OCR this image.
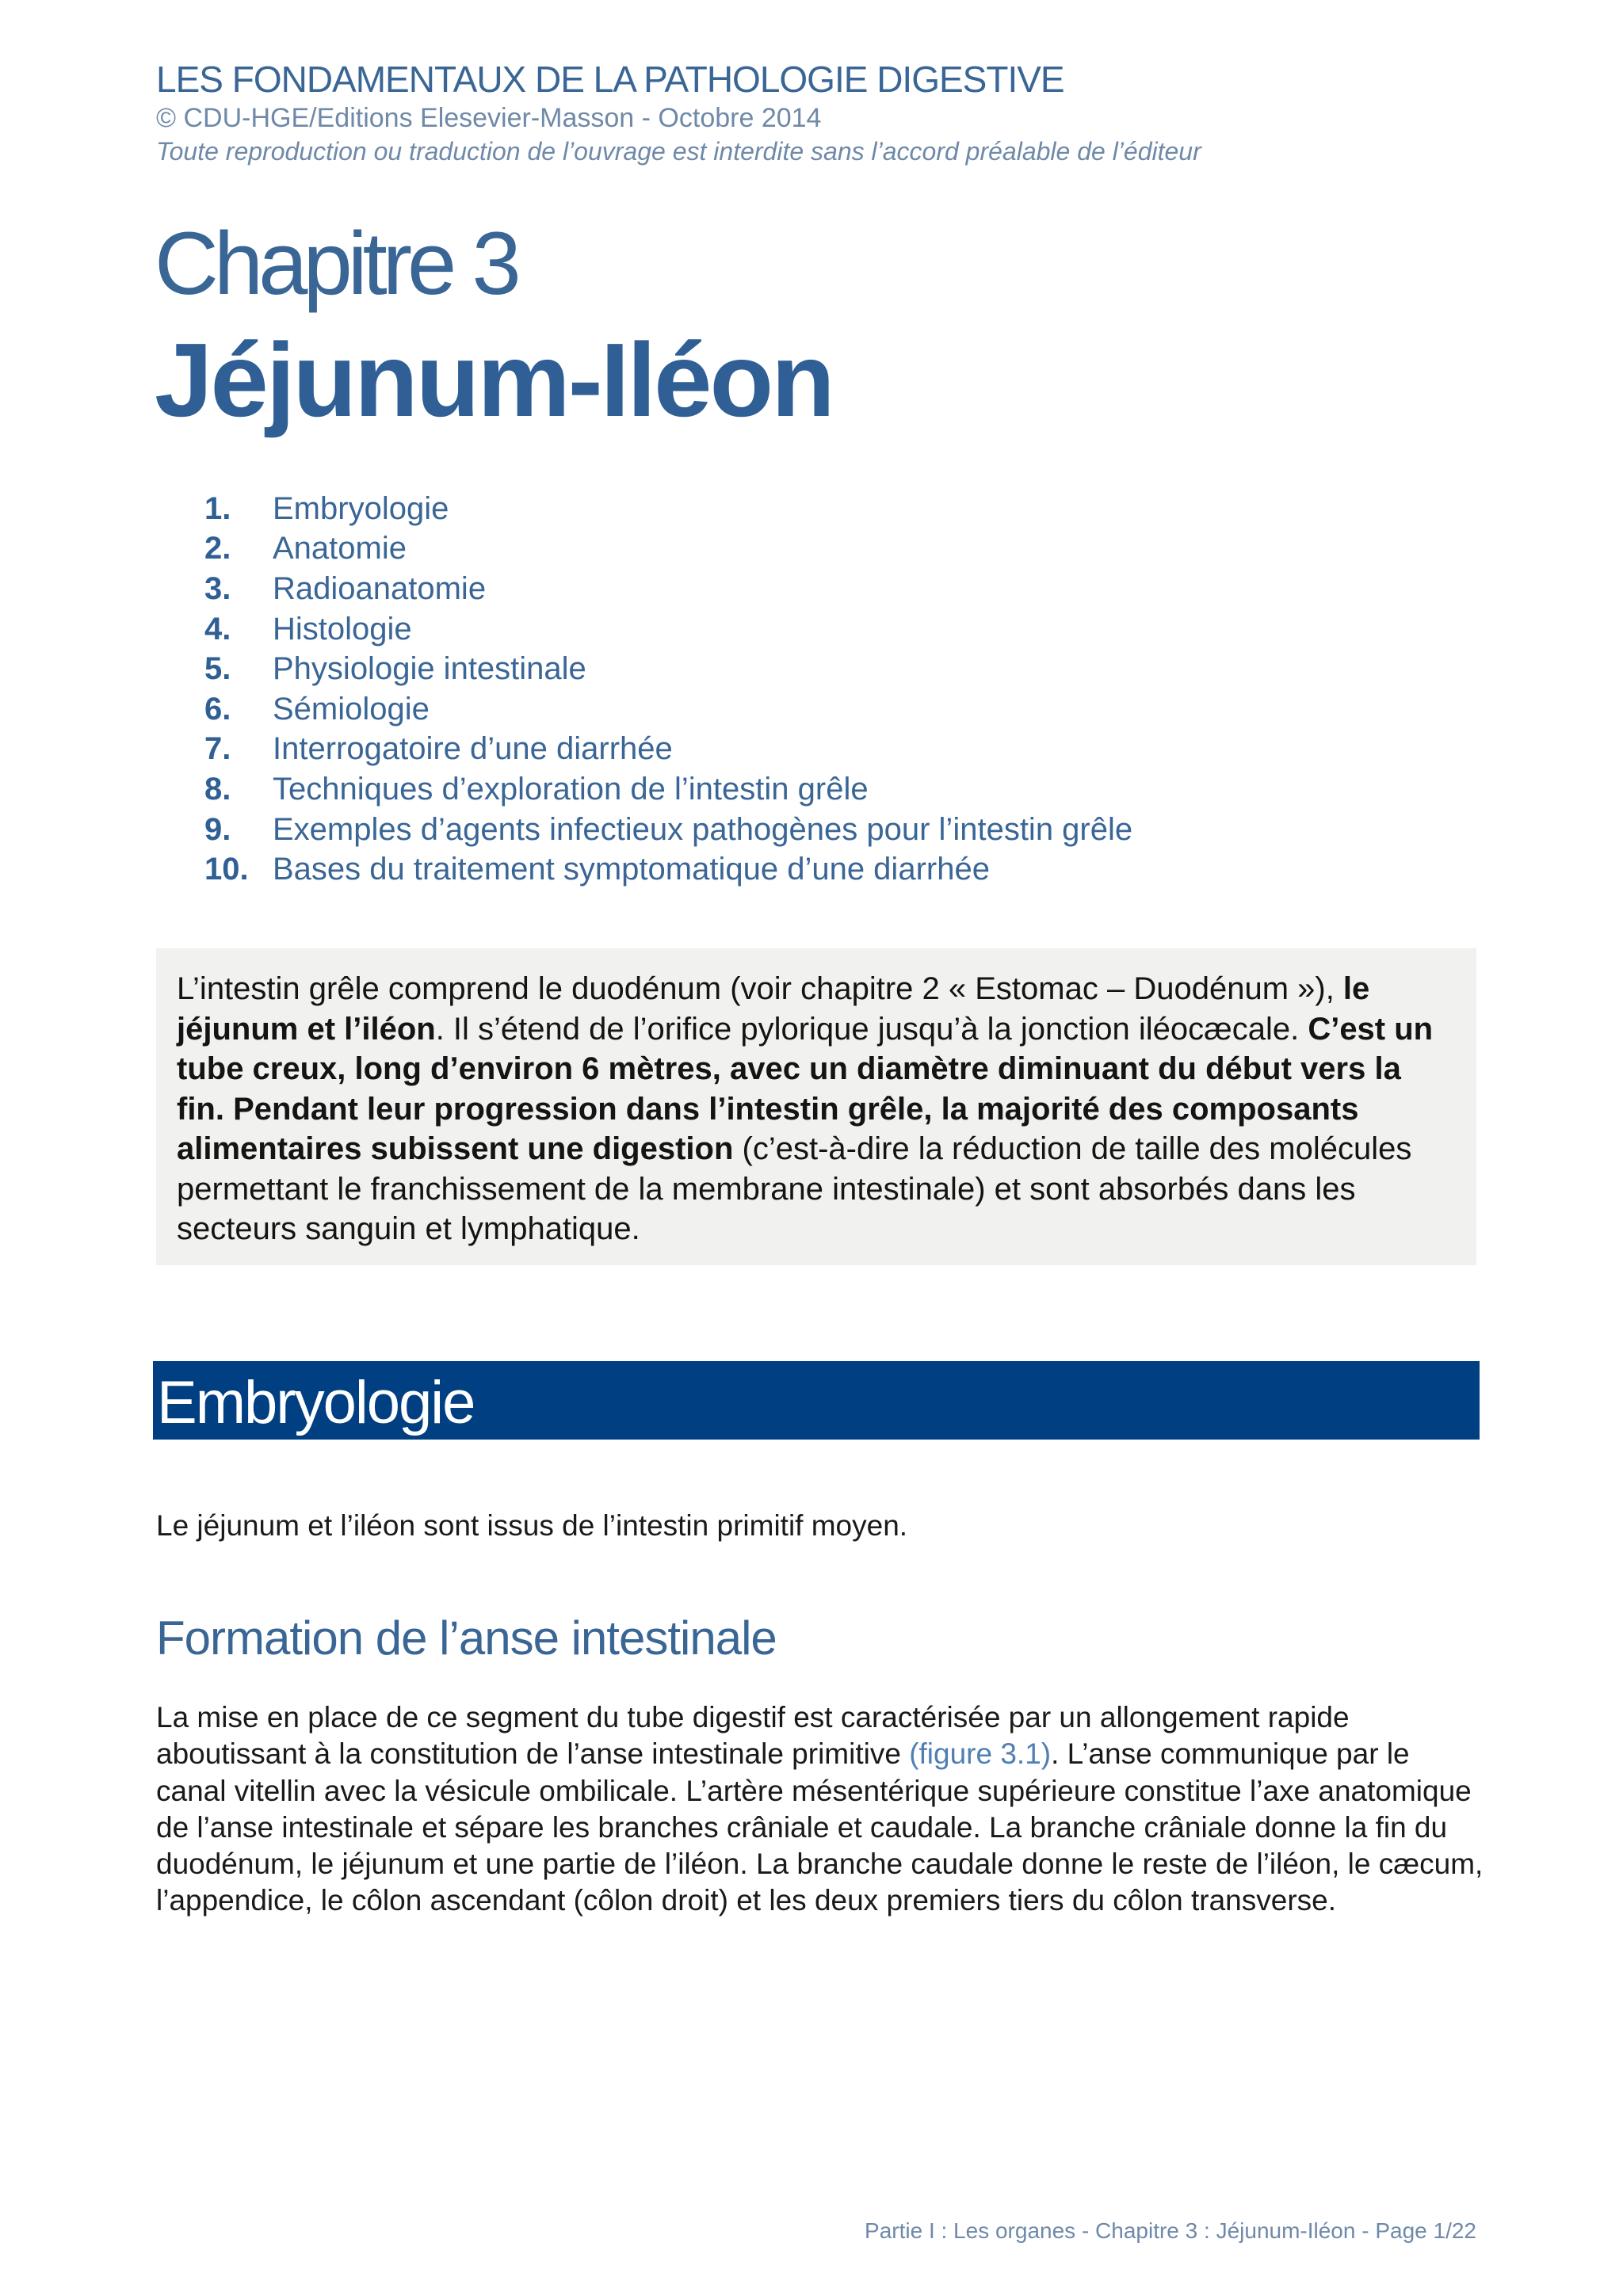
LES FONDAMENTAUX DE LA PATHOLOGIE DIGESTIVE
© CDU-HGE/Editions Elesevier-Masson - Octobre 2014
Toute reproduction ou traduction de l’ouvrage est interdite sans l’accord préalable de l’éditeur
Chapitre 3
Jéjunum-Iléon
1.	Embryologie
2.	Anatomie
3.	Radioanatomie
4.	Histologie
5.	Physiologie intestinale
6.	Sémiologie
7.	Interrogatoire d’une diarrhée
8.	Techniques d’exploration de l’intestin grêle
9.	Exemples d’agents infectieux pathogènes pour l’intestin grêle
10. Bases du traitement symptomatique d’une diarrhée

L’intestin grêle comprend le duodénum (voir chapitre 2 « Estomac – Duodénum »), le jéjunum et l’iléon. Il s’étend de l’orifice pylorique jusqu’à la jonction iléocæcale. C’est un tube creux, long d’environ 6 mètres, avec un diamètre diminuant du début vers la fin. Pendant leur progression dans l’intestin grêle, la majorité des composants alimentaires subissent une digestion (c’est-à-dire la réduction de taille des molécules permettant le franchissement de la membrane intestinale) et sont absorbés dans les secteurs sanguin et lymphatique.

Embryologie

Le jéjunum et l’iléon sont issus de l’intestin primitif moyen.

Formation de l’anse intestinale

La mise en place de ce segment du tube digestif est caractérisée par un allongement rapide aboutissant à la constitution de l’anse intestinale primitive (figure 3.1). L’anse communique par le canal vitellin avec la vésicule ombilicale. L’artère mésentérique supérieure constitue l’axe anatomique de l’anse intestinale et sépare les branches crâniale et caudale. La branche crâniale donne la fin du duodénum, le jéjunum et une partie de l’iléon. La branche caudale donne le reste de l’iléon, le cæcum, l’appendice, le côlon ascendant (côlon droit) et les deux premiers tiers du côlon transverse.

Partie I : Les organes - Chapitre 3 : Jéjunum-Iléon - Page 1/22
